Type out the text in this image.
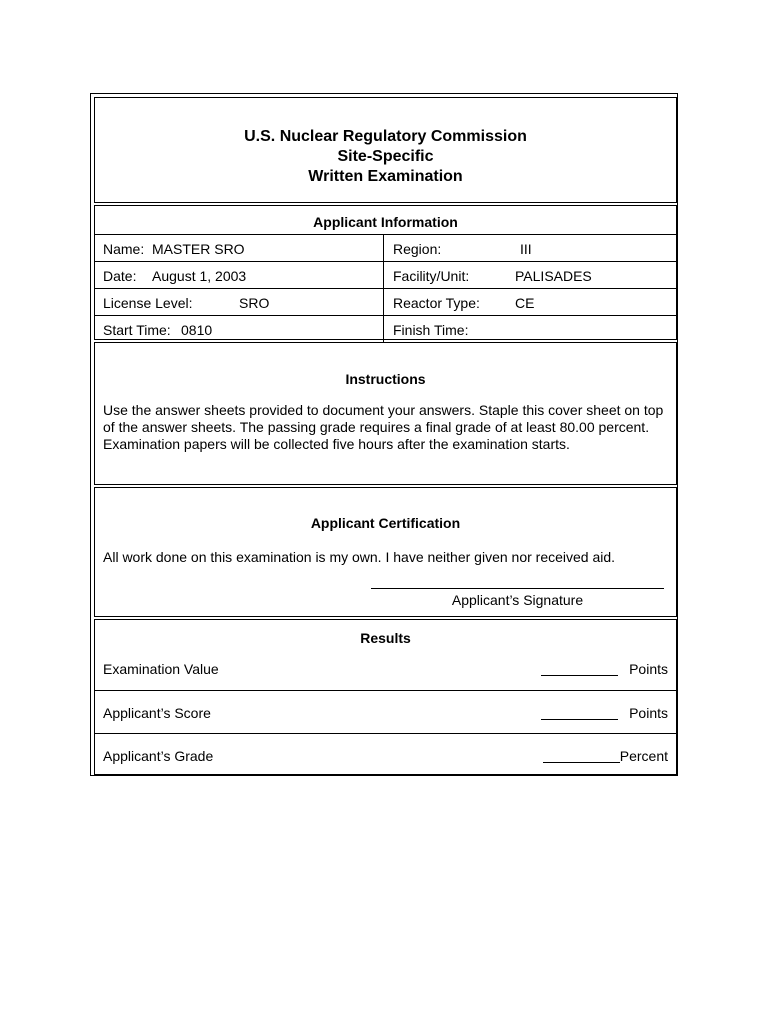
U.S. Nuclear Regulatory Commission
Site-Specific
Written Examination
Applicant Information
Name: MASTER SRO	Region:	III
Date: August 1, 2003	Facility/Unit:	PALISADES
License Level:	SRO	Reactor Type:	CE
Start Time: 0810	Finish Time:
Instructions
Use the answer sheets provided to document your answers. Staple this cover sheet on top
of the answer sheets. The passing grade requires a final grade of at least 80.00 percent.
Examination papers will be collected five hours after the examination starts.
Applicant Certification
All work done on this examination is my own. I have neither given nor received aid.
Applicant’s Signature
Results
Examination Value	Points
Applicant’s Score	Points
Applicant’s Grade	Percent
